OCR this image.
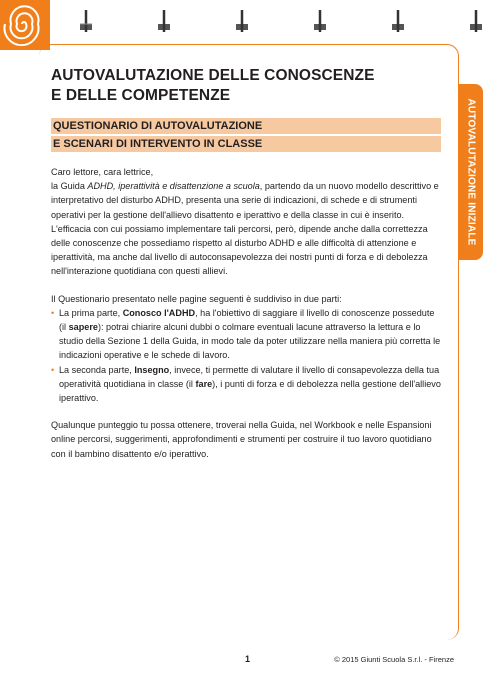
AUTOVALUTAZIONE INIZIALE
AUTOVALUTAZIONE DELLE CONOSCENZE
E DELLE COMPETENZE
QUESTIONARIO DI AUTOVALUTAZIONE
E SCENARI DI INTERVENTO IN CLASSE

Caro lettore, cara lettrice,
la Guida ADHD, iperattività e disattenzione a scuola, partendo da un nuovo modello descrittivo e interpretativo del disturbo ADHD, presenta una serie di indicazioni, di schede e di strumenti operativi per la gestione dell'allievo disattento e iperattivo e della classe in cui è inserito.
L'efficacia con cui possiamo implementare tali percorsi, però, dipende anche dalla correttezza delle conoscenze che possediamo rispetto al disturbo ADHD e alle difficoltà di attenzione e iperattività, ma anche dal livello di autoconsapevolezza dei nostri punti di forza e di debolezza nell'interazione quotidiana con questi allievi.

Il Questionario presentato nelle pagine seguenti è suddiviso in due parti:

• La prima parte, Conosco l'ADHD, ha l'obiettivo di saggiare il livello di conoscenze possedute (il sapere): potrai chiarire alcuni dubbi o colmare eventuali lacune attraverso la lettura e lo studio della Sezione 1 della Guida, in modo tale da poter utilizzare nella maniera più corretta le indicazioni operative e le schede di lavoro.
• La seconda parte, Insegno, invece, ti permette di valutare il livello di consapevolezza della tua operatività quotidiana in classe (il fare), i punti di forza e di debolezza nella gestione dell'allievo iperattivo.

Qualunque punteggio tu possa ottenere, troverai nella Guida, nel Workbook e nelle Espansioni online percorsi, suggerimenti, approfondimenti e strumenti per costruire il tuo lavoro quotidiano con il bambino disattento e/o iperattivo.

1	© 2015 Giunti Scuola S.r.l. - Firenze
